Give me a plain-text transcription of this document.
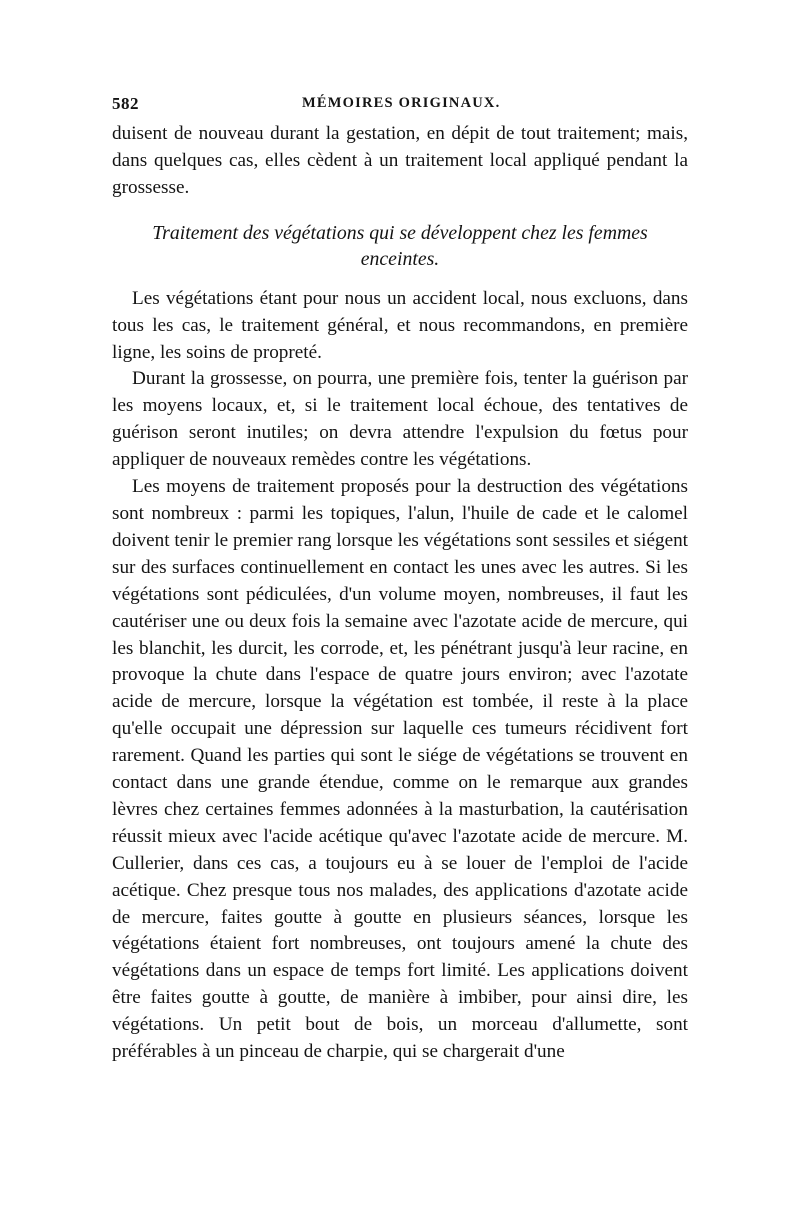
582	MÉMOIRES ORIGINAUX.

duisent de nouveau durant la gestation, en dépit de tout traitement; mais, dans quelques cas, elles cèdent à un traitement local appliqué pendant la grossesse.

Traitement des végétations qui se développent chez les femmes enceintes.

Les végétations étant pour nous un accident local, nous excluons, dans tous les cas, le traitement général, et nous recommandons, en première ligne, les soins de propreté.

Durant la grossesse, on pourra, une première fois, tenter la guérison par les moyens locaux, et, si le traitement local échoue, des tentatives de guérison seront inutiles; on devra attendre l'expulsion du fœtus pour appliquer de nouveaux remèdes contre les végétations.

Les moyens de traitement proposés pour la destruction des végétations sont nombreux : parmi les topiques, l'alun, l'huile de cade et le calomel doivent tenir le premier rang lorsque les végétations sont sessiles et siégent sur des surfaces continuellement en contact les unes avec les autres. Si les végétations sont pédiculées, d'un volume moyen, nombreuses, il faut les cautériser une ou deux fois la semaine avec l'azotate acide de mercure, qui les blanchit, les durcit, les corrode, et, les pénétrant jusqu'à leur racine, en provoque la chute dans l'espace de quatre jours environ; avec l'azotate acide de mercure, lorsque la végétation est tombée, il reste à la place qu'elle occupait une dépression sur laquelle ces tumeurs récidivent fort rarement. Quand les parties qui sont le siége de végétations se trouvent en contact dans une grande étendue, comme on le remarque aux grandes lèvres chez certaines femmes adonnées à la masturbation, la cautérisation réussit mieux avec l'acide acétique qu'avec l'azotate acide de mercure. M. Cullerier, dans ces cas, a toujours eu à se louer de l'emploi de l'acide acétique. Chez presque tous nos malades, des applications d'azotate acide de mercure, faites goutte à goutte en plusieurs séances, lorsque les végétations étaient fort nombreuses, ont toujours amené la chute des végétations dans un espace de temps fort limité. Les applications doivent être faites goutte à goutte, de manière à imbiber, pour ainsi dire, les végétations. Un petit bout de bois, un morceau d'allumette, sont préférables à un pinceau de charpie, qui se chargerait d'une
